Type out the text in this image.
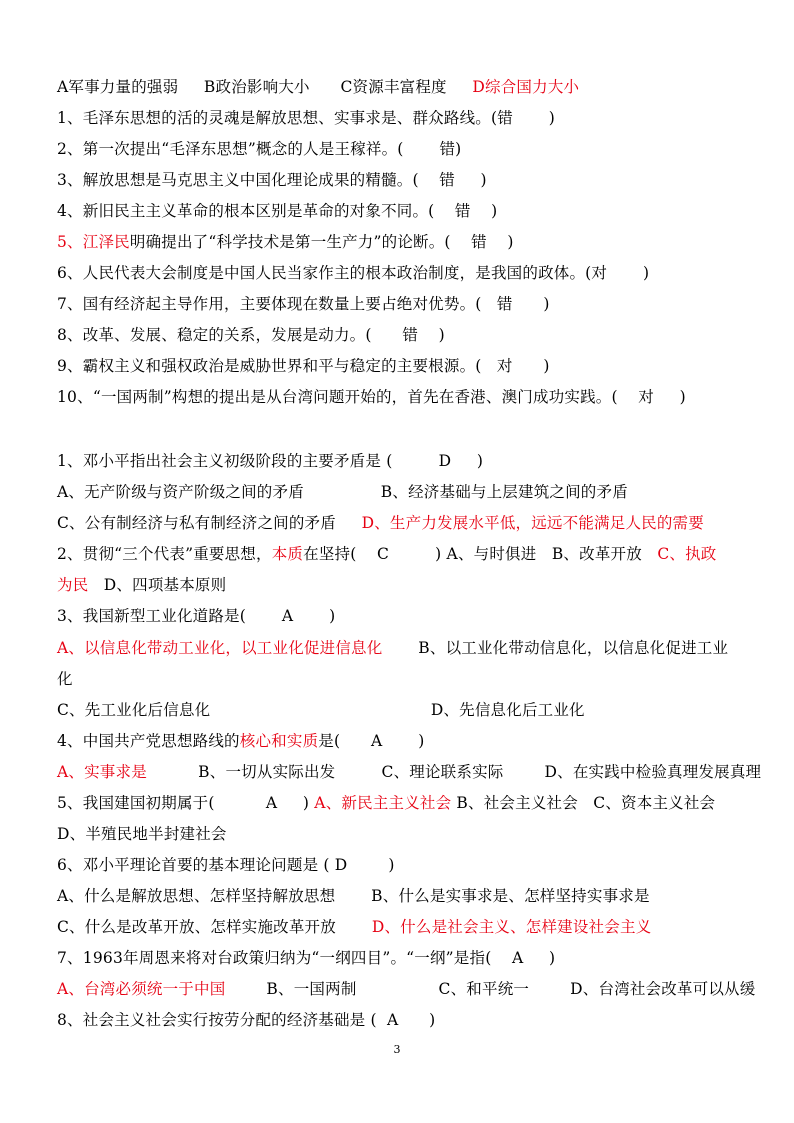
A军事力量的强弱     B政治影响大小      C资源丰富程度     D综合国力大小
1、毛泽东思想的活的灵魂是解放思想、实事求是、群众路线。(错       )
2、第一次提出“毛泽东思想”概念的人是王稼祥。(       错)
3、解放思想是马克思主义中国化理论成果的精髓。(    错     )
4、新旧民主主义革命的根本区别是革命的对象不同。(    错    )
5、江泽民明确提出了“科学技术是第一生产力”的论断。(    错    )
6、人民代表大会制度是中国人民当家作主的根本政治制度，是我国的政体。(对       )
7、国有经济起主导作用，主要体现在数量上要占绝对优势。(   错      )
8、改革、发展、稳定的关系，发展是动力。(      错    )
9、霸权主义和强权政治是威胁世界和平与稳定的主要根源。(   对      )
10、“一国两制”构想的提出是从台湾问题开始的，首先在香港、澳门成功实践。(    对     )
1、邓小平指出社会主义初级阶段的主要矛盾是 (         D     )
A、无产阶级与资产阶级之间的矛盾               B、经济基础与上层建筑之间的矛盾
C、公有制经济与私有制经济之间的矛盾     D、生产力发展水平低，远远不能满足人民的需要
2、贯彻“三个代表”重要思想，本质在坚持(    C         ) A、与时俱进   B、改革开放   C、执政
为民   D、四项基本原则
3、我国新型工业化道路是(       A       )
A、以信息化带动工业化，以工业化促进信息化       B、以工业化带动信息化，以信息化促进工业
化
C、先工业化后信息化                                           D、先信息化后工业化
4、中国共产党思想路线的核心和实质是(      A       )
A、实事求是          B、一切从实际出发         C、理论联系实际        D、在实践中检验真理发展真理
5、我国建国初期属于(          A     ) A、新民主主义社会 B、社会主义社会   C、资本主义社会
D、半殖民地半封建社会
6、邓小平理论首要的基本理论问题是 ( D        )
A、什么是解放思想、怎样坚持解放思想       B、什么是实事求是、怎样坚持实事求是
C、什么是改革开放、怎样实施改革开放       D、什么是社会主义、怎样建设社会主义
7、1963年周恩来将对台政策归纳为“一纲四目”。“一纲”是指(    A     )
A、台湾必须统一于中国        B、一国两制                C、和平统一        D、台湾社会改革可以从缓
8、社会主义社会实行按劳分配的经济基础是 (  A      )
3
